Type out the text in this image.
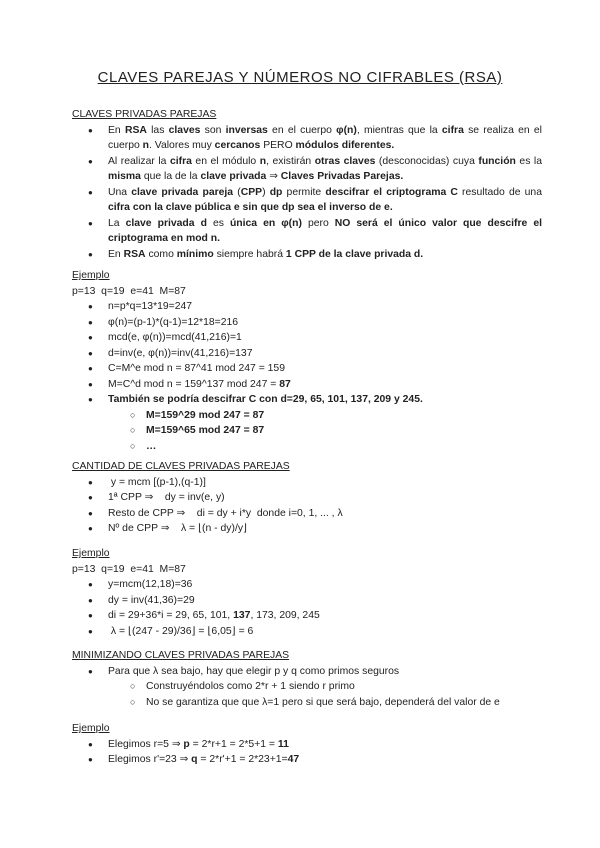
CLAVES PAREJAS Y NÚMEROS NO CIFRABLES (RSA)
CLAVES PRIVADAS PAREJAS
● En RSA las claves son inversas en el cuerpo φ(n), mientras que la cifra se realiza en el cuerpo n. Valores muy cercanos PERO módulos diferentes.
● Al realizar la cifra en el módulo n, existirán otras claves (desconocidas) cuya función es la misma que la de la clave privada ⇒ Claves Privadas Parejas.
● Una clave privada pareja (CPP) dp permite descifrar el criptograma C resultado de una cifra con la clave pública e sin que dp sea el inverso de e.
● La clave privada d es única en φ(n) pero NO será el único valor que descifre el criptograma en mod n.
● En RSA como mínimo siempre habrá 1 CPP de la clave privada d.
Ejemplo
p=13  q=19  e=41  M=87
● n=p*q=13*19=247
● φ(n)=(p-1)*(q-1)=12*18=216
● mcd(e, φ(n))=mcd(41,216)=1
● d=inv(e, φ(n))=inv(41,216)=137
● C=M^e mod n = 87^41 mod 247 = 159
● M=C^d mod n = 159^137 mod 247 = 87
● También se podría descifrar C con d=29, 65, 101, 137, 209 y 245.
○ M=159^29 mod 247 = 87
○ M=159^65 mod 247 = 87
○ …
CANTIDAD DE CLAVES PRIVADAS PAREJAS
●  y = mcm [(p-1),(q-1)]
● 1ª CPP ⇒    dy = inv(e, y)
● Resto de CPP ⇒    di = dy + i*y  donde i=0, 1, ... , λ
● Nº de CPP ⇒    λ = ⌊(n - dy)/y⌋
Ejemplo
p=13  q=19  e=41  M=87
● y=mcm(12,18)=36
● dy = inv(41,36)=29
● di = 29+36*i = 29, 65, 101, 137, 173, 209, 245
●  λ = ⌊(247 - 29)/36⌋ = ⌊6,05⌋ = 6
MINIMIZANDO CLAVES PRIVADAS PAREJAS
● Para que λ sea bajo, hay que elegir p y q como primos seguros
○ Construyéndolos como 2*r + 1 siendo r primo
○ No se garantiza que que λ=1 pero si que será bajo, dependerá del valor de e
Ejemplo
● Elegimos r=5 ⇒ p = 2*r+1 = 2*5+1 = 11
● Elegimos r'=23 ⇒ q = 2*r'+1 = 2*23+1=47
